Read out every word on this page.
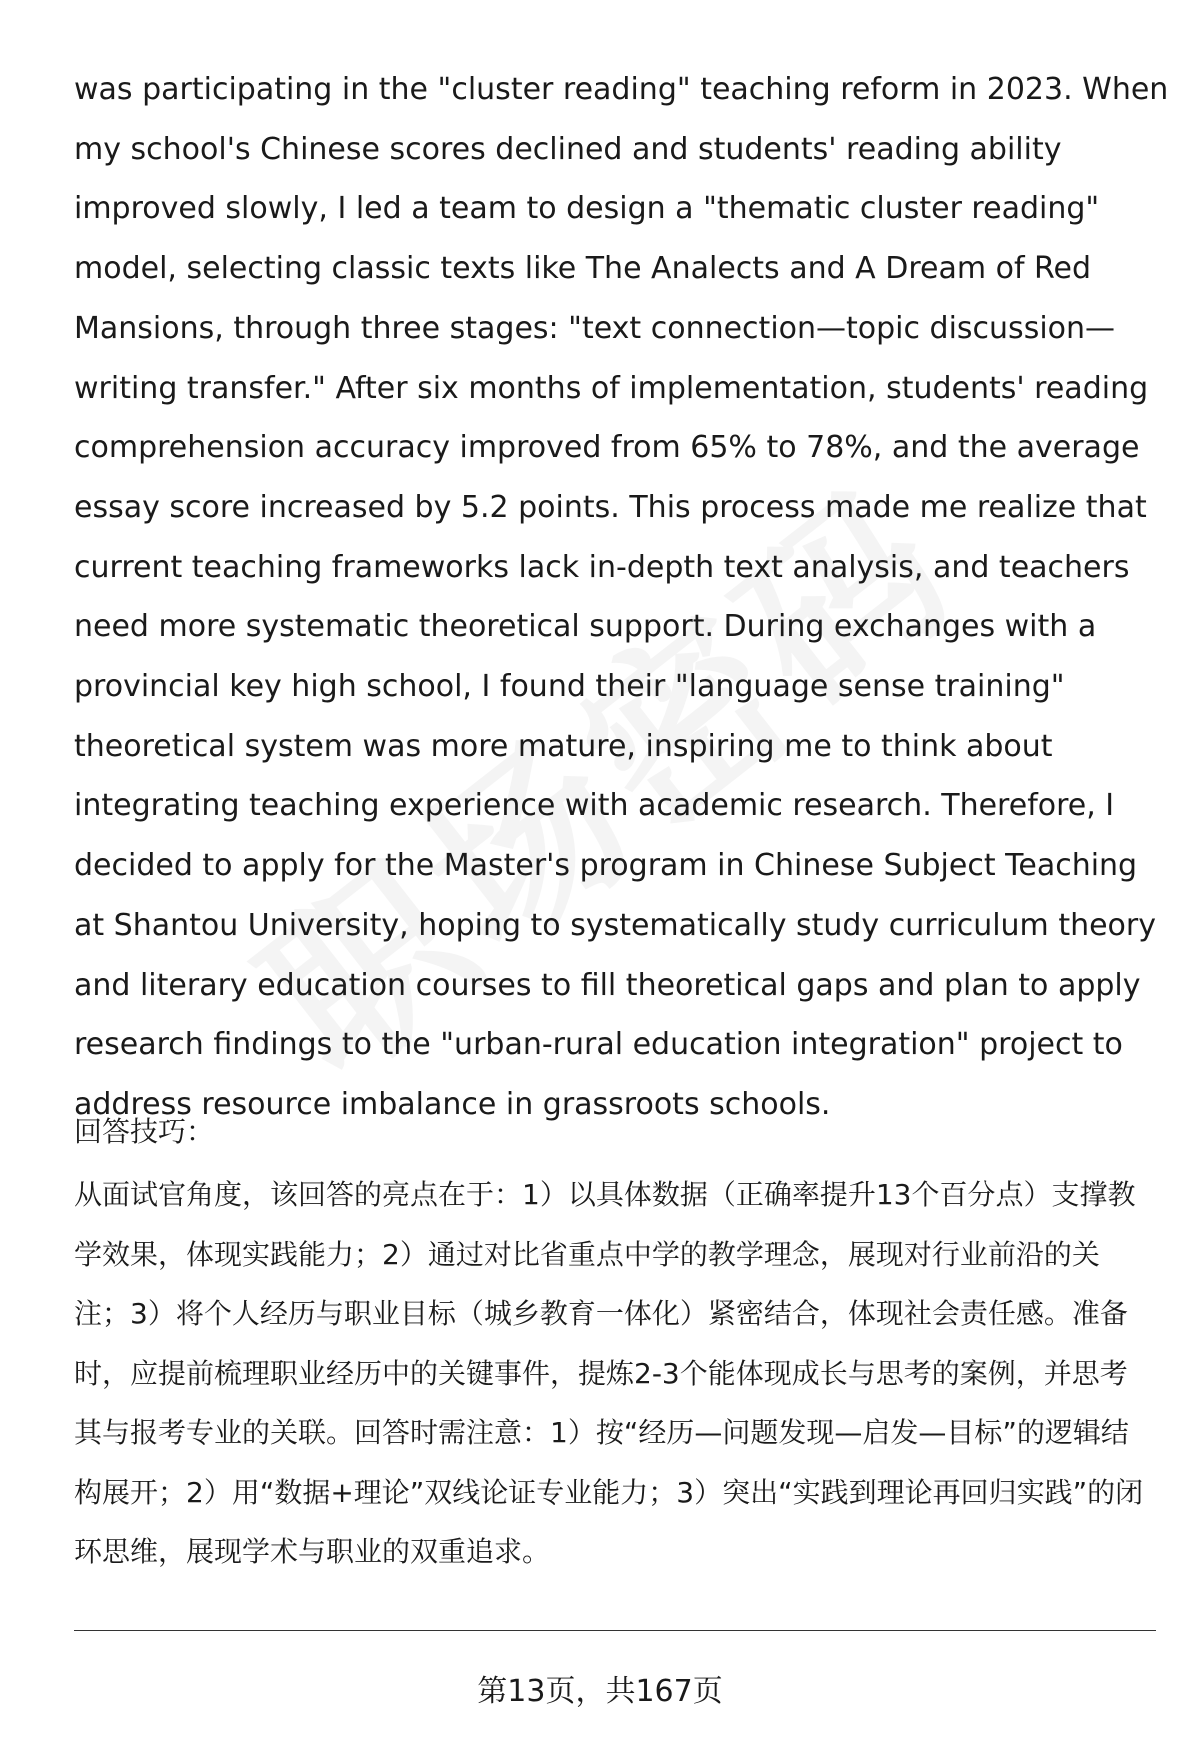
was participating in the "cluster reading" teaching reform in 2023. When my school's Chinese scores declined and students' reading ability improved slowly, I led a team to design a "thematic cluster reading" model, selecting classic texts like The Analects and A Dream of Red Mansions, through three stages: "text connection—topic discussion—writing transfer." After six months of implementation, students' reading comprehension accuracy improved from 65% to 78%, and the average essay score increased by 5.2 points. This process made me realize that current teaching frameworks lack in-depth text analysis, and teachers need more systematic theoretical support. During exchanges with a provincial key high school, I found their "language sense training" theoretical system was more mature, inspiring me to think about integrating teaching experience with academic research. Therefore, I decided to apply for the Master's program in Chinese Subject Teaching at Shantou University, hoping to systematically study curriculum theory and literary education courses to fill theoretical gaps and plan to apply research findings to the "urban-rural education integration" project to address resource imbalance in grassroots schools.

回答技巧：

从面试官角度，该回答的亮点在于：1）以具体数据（正确率提升13个百分点）支撑教学效果，体现实践能力；2）通过对比省重点中学的教学理念，展现对行业前沿的关注；3）将个人经历与职业目标（城乡教育一体化）紧密结合，体现社会责任感。准备时，应提前梳理职业经历中的关键事件，提炼2-3个能体现成长与思考的案例，并思考其与报考专业的关联。回答时需注意：1）按“经历—问题发现—启发—目标”的逻辑结构展开；2）用“数据+理论”双线论证专业能力；3）突出“实践到理论再回归实践”的闭环思维，展现学术与职业的双重追求。

第13页，共167页
